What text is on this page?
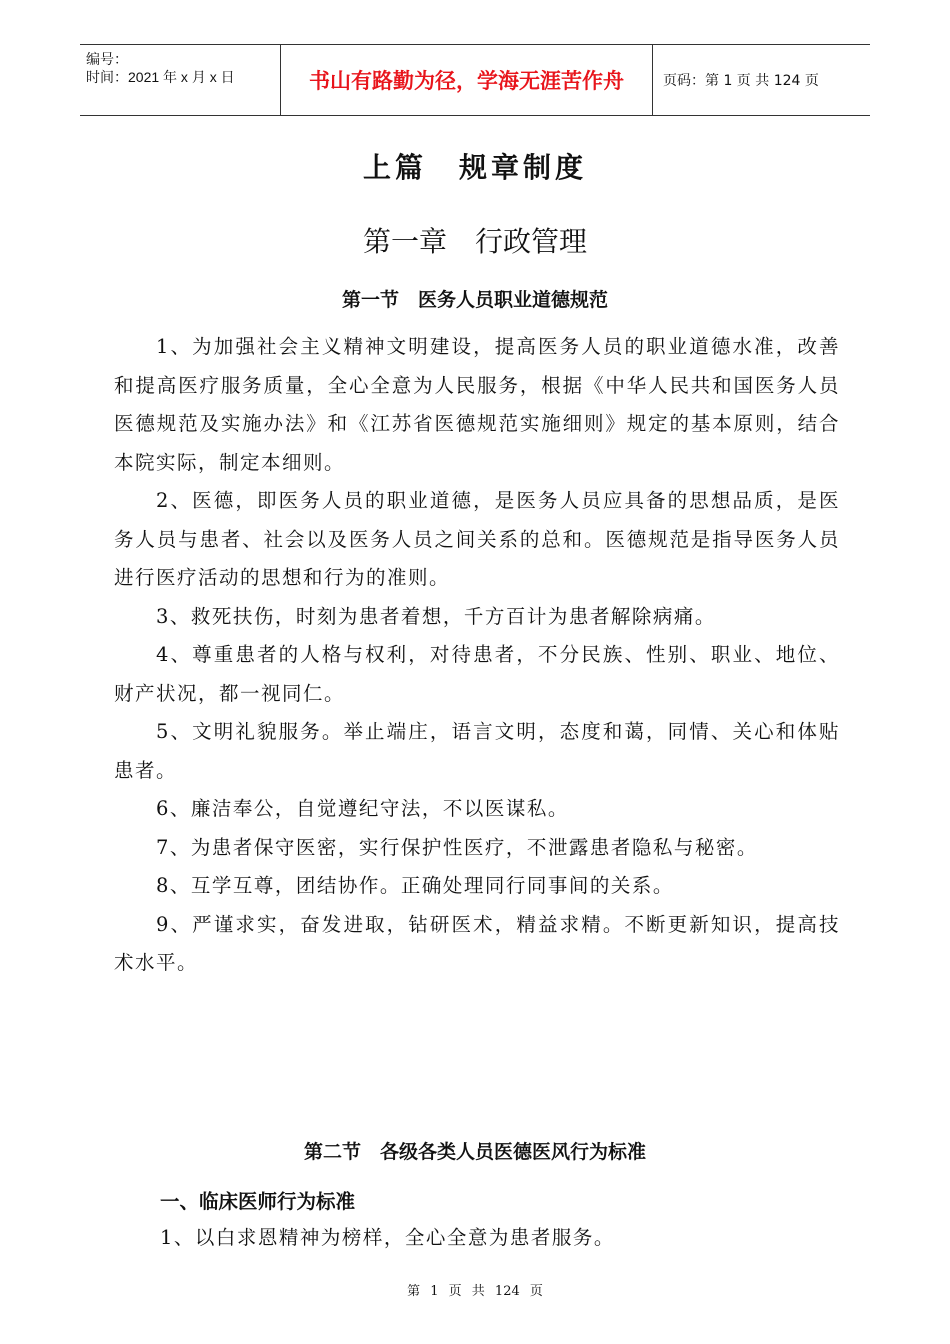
编号：
时间：2021 年 x 月 x 日	书山有路勤为径，学海无涯苦作舟	页码：第 1 页 共 124 页
上篇　规章制度
第一章　行政管理
第一节　医务人员职业道德规范

1、为加强社会主义精神文明建设，提高医务人员的职业道德水准，改善和提高医疗服务质量，全心全意为人民服务，根据《中华人民共和国医务人员医德规范及实施办法》和《江苏省医德规范实施细则》规定的基本原则，结合本院实际，制定本细则。

2、医德，即医务人员的职业道德，是医务人员应具备的思想品质，是医务人员与患者、社会以及医务人员之间关系的总和。医德规范是指导医务人员进行医疗活动的思想和行为的准则。

3、救死扶伤，时刻为患者着想，千方百计为患者解除病痛。

4、尊重患者的人格与权利，对待患者，不分民族、性别、职业、地位、财产状况，都一视同仁。

5、文明礼貌服务。举止端庄，语言文明，态度和蔼，同情、关心和体贴患者。

6、廉洁奉公，自觉遵纪守法，不以医谋私。

7、为患者保守医密，实行保护性医疗，不泄露患者隐私与秘密。

8、互学互尊，团结协作。正确处理同行同事间的关系。

9、严谨求实，奋发进取，钻研医术，精益求精。不断更新知识，提高技术水平。

第二节　各级各类人员医德医风行为标准
一、临床医师行为标准
1、以白求恩精神为榜样，全心全意为患者服务。
第 1 页 共 124 页
